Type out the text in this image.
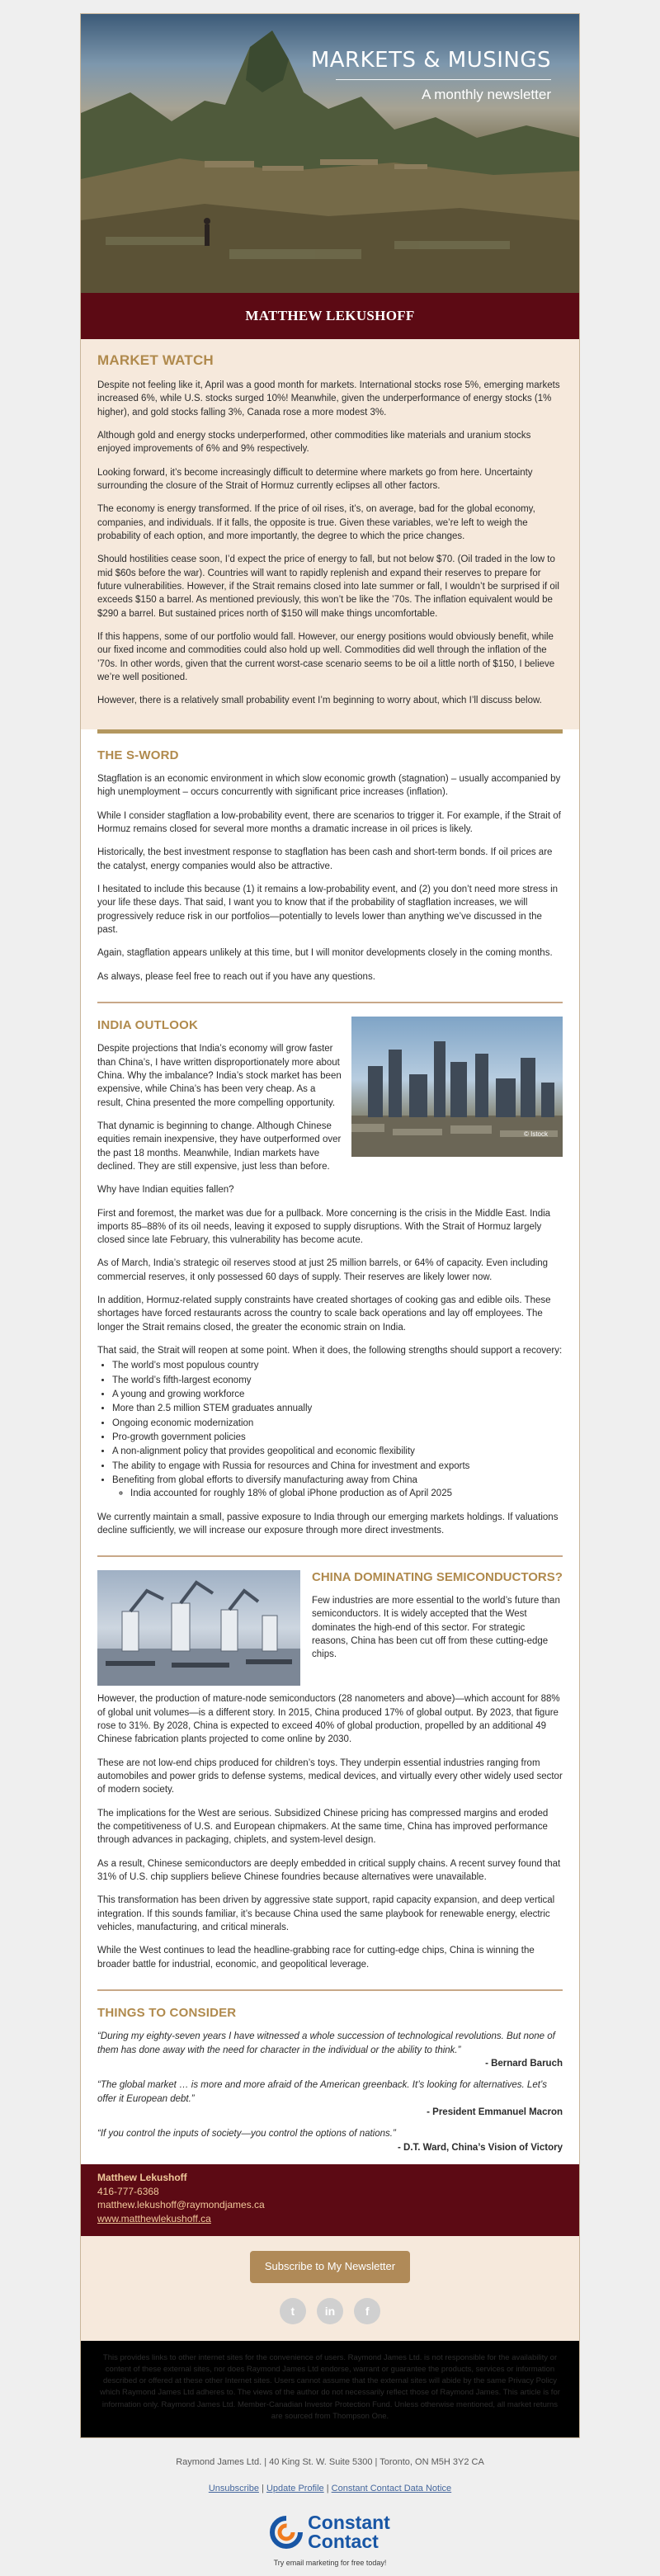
MARKETS & MUSINGS

A monthly newsletter

MATTHEW LEKUSHOFF
MARKET WATCH

Despite not feeling like it, April was a good month for markets. International stocks rose 5%, emerging markets increased 6%, while U.S. stocks surged 10%! Meanwhile, given the underperformance of energy stocks (1% higher), and gold stocks falling 3%, Canada rose a more modest 3%.

Although gold and energy stocks underperformed, other commodities like materials and uranium stocks enjoyed improvements of 6% and 9% respectively.

Looking forward, it’s become increasingly difficult to determine where markets go from here. Uncertainty surrounding the closure of the Strait of Hormuz currently eclipses all other factors.

The economy is energy transformed. If the price of oil rises, it’s, on average, bad for the global economy, companies, and individuals. If it falls, the opposite is true. Given these variables, we’re left to weigh the probability of each option, and more importantly, the degree to which the price changes.

Should hostilities cease soon, I’d expect the price of energy to fall, but not below $70. (Oil traded in the low to mid $60s before the war). Countries will want to rapidly replenish and expand their reserves to prepare for future vulnerabilities. However, if the Strait remains closed into late summer or fall, I wouldn’t be surprised if oil exceeds $150 a barrel. As mentioned previously, this won’t be like the ’70s. The inflation equivalent would be $290 a barrel. But sustained prices north of $150 will make things uncomfortable.

If this happens, some of our portfolio would fall. However, our energy positions would obviously benefit, while our fixed income and commodities could also hold up well. Commodities did well through the inflation of the ’70s. In other words, given that the current worst-case scenario seems to be oil a little north of $150, I believe we’re well positioned.

However, there is a relatively small probability event I’m beginning to worry about, which I’ll discuss below.

THE S-WORD

Stagflation is an economic environment in which slow economic growth (stagnation) – usually accompanied by high unemployment – occurs concurrently with significant price increases (inflation).

While I consider stagflation a low-probability event, there are scenarios to trigger it. For example, if the Strait of Hormuz remains closed for several more months a dramatic increase in oil prices is likely.

Historically, the best investment response to stagflation has been cash and short-term bonds. If oil prices are the catalyst, energy companies would also be attractive.

I hesitated to include this because (1) it remains a low-probability event, and (2) you don’t need more stress in your life these days. That said, I want you to know that if the probability of stagflation increases, we will progressively reduce risk in our portfolios—potentially to levels lower than anything we’ve discussed in the past.

Again, stagflation appears unlikely at this time, but I will monitor developments closely in the coming months.

As always, please feel free to reach out if you have any questions.

© Istock
INDIA OUTLOOK

Despite projections that India’s economy will grow faster than China’s, I have written disproportionately more about China. Why the imbalance? India’s stock market has been expensive, while China’s has been very cheap. As a result, China presented the more compelling opportunity.

That dynamic is beginning to change. Although Chinese equities remain inexpensive, they have outperformed over the past 18 months. Meanwhile, Indian markets have declined. They are still expensive, just less than before.

Why have Indian equities fallen?

First and foremost, the market was due for a pullback. More concerning is the crisis in the Middle East. India imports 85–88% of its oil needs, leaving it exposed to supply disruptions. With the Strait of Hormuz largely closed since late February, this vulnerability has become acute.

As of March, India’s strategic oil reserves stood at just 25 million barrels, or 64% of capacity. Even including commercial reserves, it only possessed 60 days of supply. Their reserves are likely lower now.

In addition, Hormuz-related supply constraints have created shortages of cooking gas and edible oils. These shortages have forced restaurants across the country to scale back operations and lay off employees. The longer the Strait remains closed, the greater the economic strain on India.

That said, the Strait will reopen at some point. When it does, the following strengths should support a recovery:

• The world’s most populous country
• The world’s fifth-largest economy
• A young and growing workforce
• More than 2.5 million STEM graduates annually
• Ongoing economic modernization
• Pro-growth government policies
• A non-alignment policy that provides geopolitical and economic flexibility
• The ability to engage with Russia for resources and China for investment and exports
• Benefiting from global efforts to diversify manufacturing away from China
◦ India accounted for roughly 18% of global iPhone production as of April 2025

We currently maintain a small, passive exposure to India through our emerging markets holdings. If valuations decline sufficiently, we will increase our exposure through more direct investments.

CHINA DOMINATING SEMICONDUCTORS?

Few industries are more essential to the world’s future than semiconductors. It is widely accepted that the West dominates the high-end of this sector. For strategic reasons, China has been cut off from these cutting-edge chips.

However, the production of mature-node semiconductors (28 nanometers and above)—which account for 88% of global unit volumes—is a different story. In 2015, China produced 17% of global output. By 2023, that figure rose to 31%. By 2028, China is expected to exceed 40% of global production, propelled by an additional 49 Chinese fabrication plants projected to come online by 2030.

These are not low-end chips produced for children’s toys. They underpin essential industries ranging from automobiles and power grids to defense systems, medical devices, and virtually every other widely used sector of modern society.

The implications for the West are serious. Subsidized Chinese pricing has compressed margins and eroded the competitiveness of U.S. and European chipmakers. At the same time, China has improved performance through advances in packaging, chiplets, and system-level design.

As a result, Chinese semiconductors are deeply embedded in critical supply chains. A recent survey found that 31% of U.S. chip suppliers believe Chinese foundries because alternatives were unavailable.

This transformation has been driven by aggressive state support, rapid capacity expansion, and deep vertical integration. If this sounds familiar, it’s because China used the same playbook for renewable energy, electric vehicles, manufacturing, and critical minerals.

While the West continues to lead the headline-grabbing race for cutting-edge chips, China is winning the broader battle for industrial, economic, and geopolitical leverage.

THINGS TO CONSIDER
“During my eighty-seven years I have witnessed a whole succession of technological revolutions. But none of them has done away with the need for character in the individual or the ability to think.”
- Bernard Baruch
“The global market … is more and more afraid of the American greenback. It’s looking for alternatives. Let’s offer it European debt.”
- President Emmanuel Macron
“If you control the inputs of society—you control the options of nations.”
- D.T. Ward, China’s Vision of Victory
Matthew Lekushoff
416-777-6368
matthew.lekushoff@raymondjames.ca
www.matthewlekushoff.ca
Subscribe to My Newsletter
t	in	f
This provides links to other internet sites for the convenience of users. Raymond James Ltd. is not responsible for the availability or content of these external sites, nor does Raymond James Ltd endorse, warrant or guarantee the products, services or information described or offered at these other Internet sites. Users cannot assume that the external sites will abide by the same Privacy Policy which Raymond James Ltd adheres to. The views of the author do not necessarily reflect those of Raymond James. This article is for information only. Raymond James Ltd. Member-Canadian Investor Protection Fund. Unless otherwise mentioned, all market returns are sourced from Thompson One.
Raymond James Ltd. | 40 King St. W. Suite 5300 | Toronto, ON M5H 3Y2 CA
Unsubscribe | Update Profile | Constant Contact Data Notice
Constant
Contact
Try email marketing for free today!
